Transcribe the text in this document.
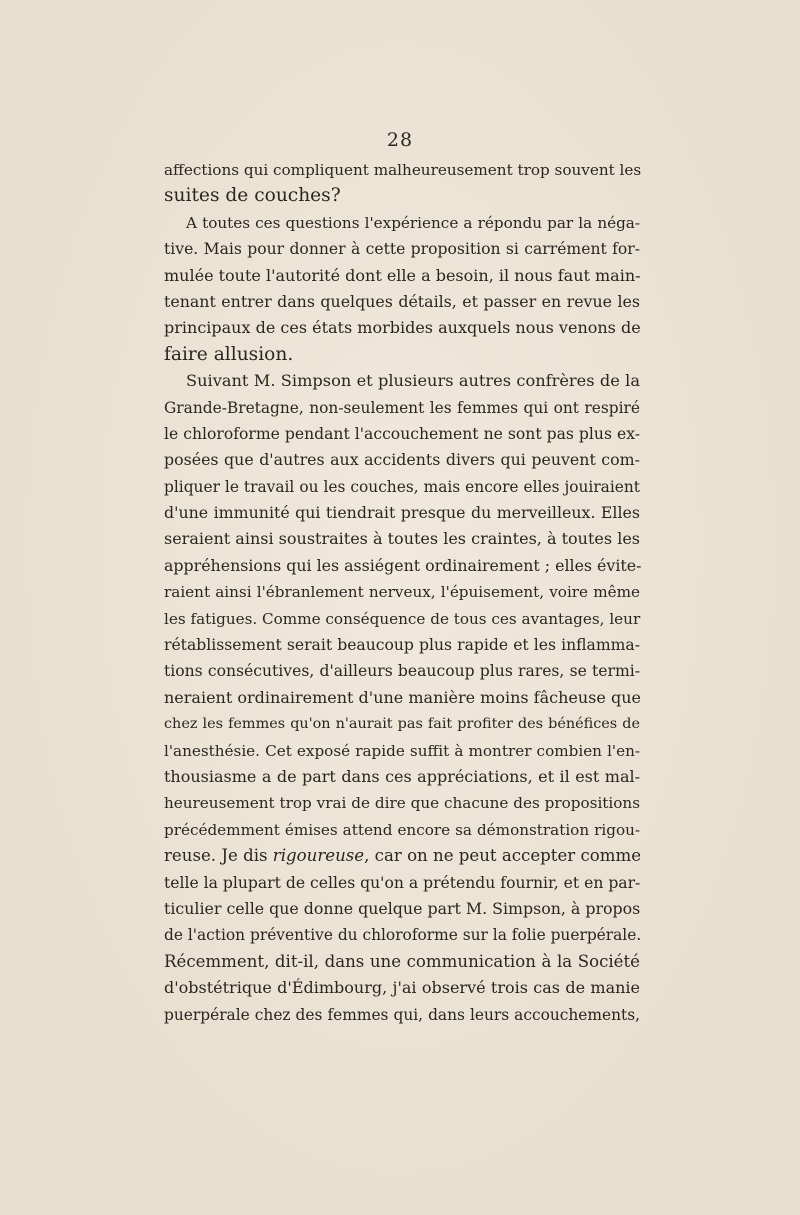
28
affections qui compliquent malheureusement trop souvent les
suites de couches?
A toutes ces questions l'expérience a répondu par la néga-
tive. Mais pour donner à cette proposition si carrément for-
mulée toute l'autorité dont elle a besoin, il nous faut main-
tenant entrer dans quelques détails, et passer en revue les
principaux de ces états morbides auxquels nous venons de
faire allusion.
Suivant M. Simpson et plusieurs autres confrères de la
Grande-Bretagne, non-seulement les femmes qui ont respiré
le chloroforme pendant l'accouchement ne sont pas plus ex-
posées que d'autres aux accidents divers qui peuvent com-
pliquer le travail ou les couches, mais encore elles jouiraient
d'une immunité qui tiendrait presque du merveilleux. Elles
seraient ainsi soustraites à toutes les craintes, à toutes les
appréhensions qui les assiégent ordinairement ; elles évite-
raient ainsi l'ébranlement nerveux, l'épuisement, voire même
les fatigues. Comme conséquence de tous ces avantages, leur
rétablissement serait beaucoup plus rapide et les inflamma-
tions consécutives, d'ailleurs beaucoup plus rares, se termi-
neraient ordinairement d'une manière moins fâcheuse que
chez les femmes qu'on n'aurait pas fait profiter des bénéfices de
l'anesthésie. Cet exposé rapide suffit à montrer combien l'en-
thousiasme a de part dans ces appréciations, et il est mal-
heureusement trop vrai de dire que chacune des propositions
précédemment émises attend encore sa démonstration rigou-
reuse. Je dis rigoureuse, car on ne peut accepter comme
telle la plupart de celles qu'on a prétendu fournir, et en par-
ticulier celle que donne quelque part M. Simpson, à propos
de l'action préventive du chloroforme sur la folie puerpérale.
Récemment, dit-il, dans une communication à la Société
d'obstétrique d'Édimbourg, j'ai observé trois cas de manie
puerpérale chez des femmes qui, dans leurs accouchements,
